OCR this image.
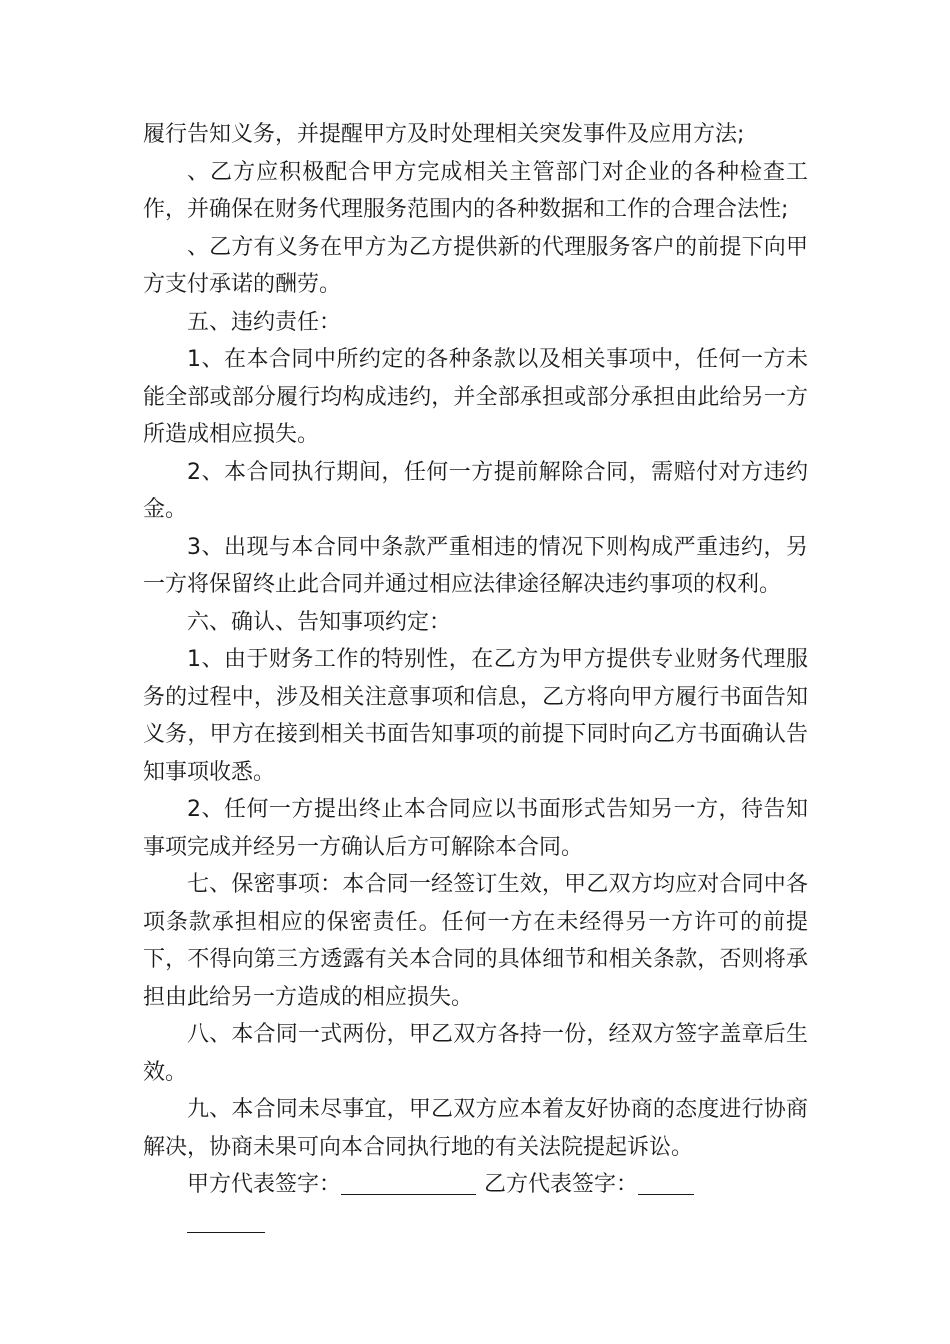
履行告知义务，并提醒甲方及时处理相关突发事件及应用方法;

、乙方应积极配合甲方完成相关主管部门对企业的各种检查工作，并确保在财务代理服务范围内的各种数据和工作的合理合法性;

、乙方有义务在甲方为乙方提供新的代理服务客户的前提下向甲方支付承诺的酬劳。

五、违约责任：

1、在本合同中所约定的各种条款以及相关事项中，任何一方未能全部或部分履行均构成违约，并全部承担或部分承担由此给另一方所造成相应损失。

2、本合同执行期间，任何一方提前解除合同，需赔付对方违约金。

3、出现与本合同中条款严重相违的情况下则构成严重违约，另一方将保留终止此合同并通过相应法律途径解决违约事项的权利。

六、确认、告知事项约定：

1、由于财务工作的特别性，在乙方为甲方提供专业财务代理服务的过程中，涉及相关注意事项和信息，乙方将向甲方履行书面告知义务，甲方在接到相关书面告知事项的前提下同时向乙方书面确认告知事项收悉。

2、任何一方提出终止本合同应以书面形式告知另一方，待告知事项完成并经另一方确认后方可解除本合同。

七、保密事项：本合同一经签订生效，甲乙双方均应对合同中各项条款承担相应的保密责任。任何一方在未经得另一方许可的前提下，不得向第三方透露有关本合同的具体细节和相关条款，否则将承担由此给另一方造成的相应损失。

八、本合同一式两份，甲乙双方各持一份，经双方签字盖章后生效。

九、本合同未尽事宜，甲乙双方应本着友好协商的态度进行协商解决，协商未果可向本合同执行地的有关法院提起诉讼。

甲方代表签字：	乙方代表签字：
